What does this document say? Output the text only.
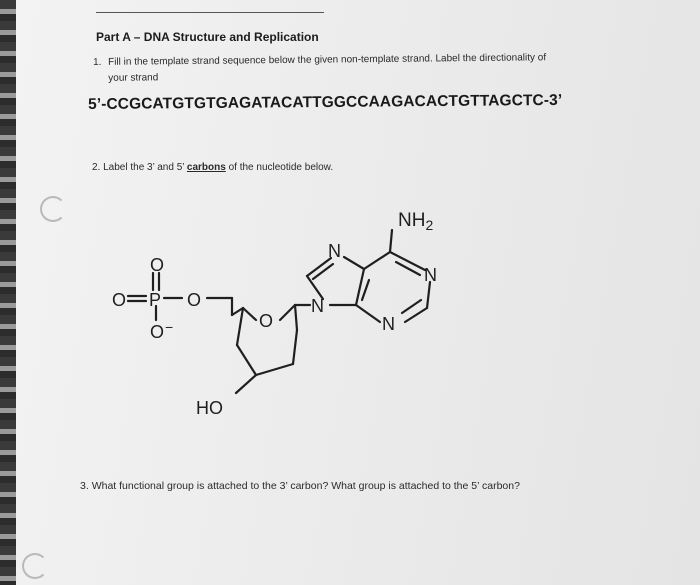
Part A – DNA Structure and Replication
1. Fill in the template strand sequence below the given non-template strand. Label the directionality of
your strand
5’-CCGCATGTGTGAGATACATTGGCCAAGACACTGTTAGCTC-3’
2. Label the 3’ and 5’ carbons of the nucleotide below.
O
O P O
O −	O
HO
N
N
N
N
$NH_2$
3. What functional group is attached to the 3’ carbon? What group is attached to the 5’ carbon?
